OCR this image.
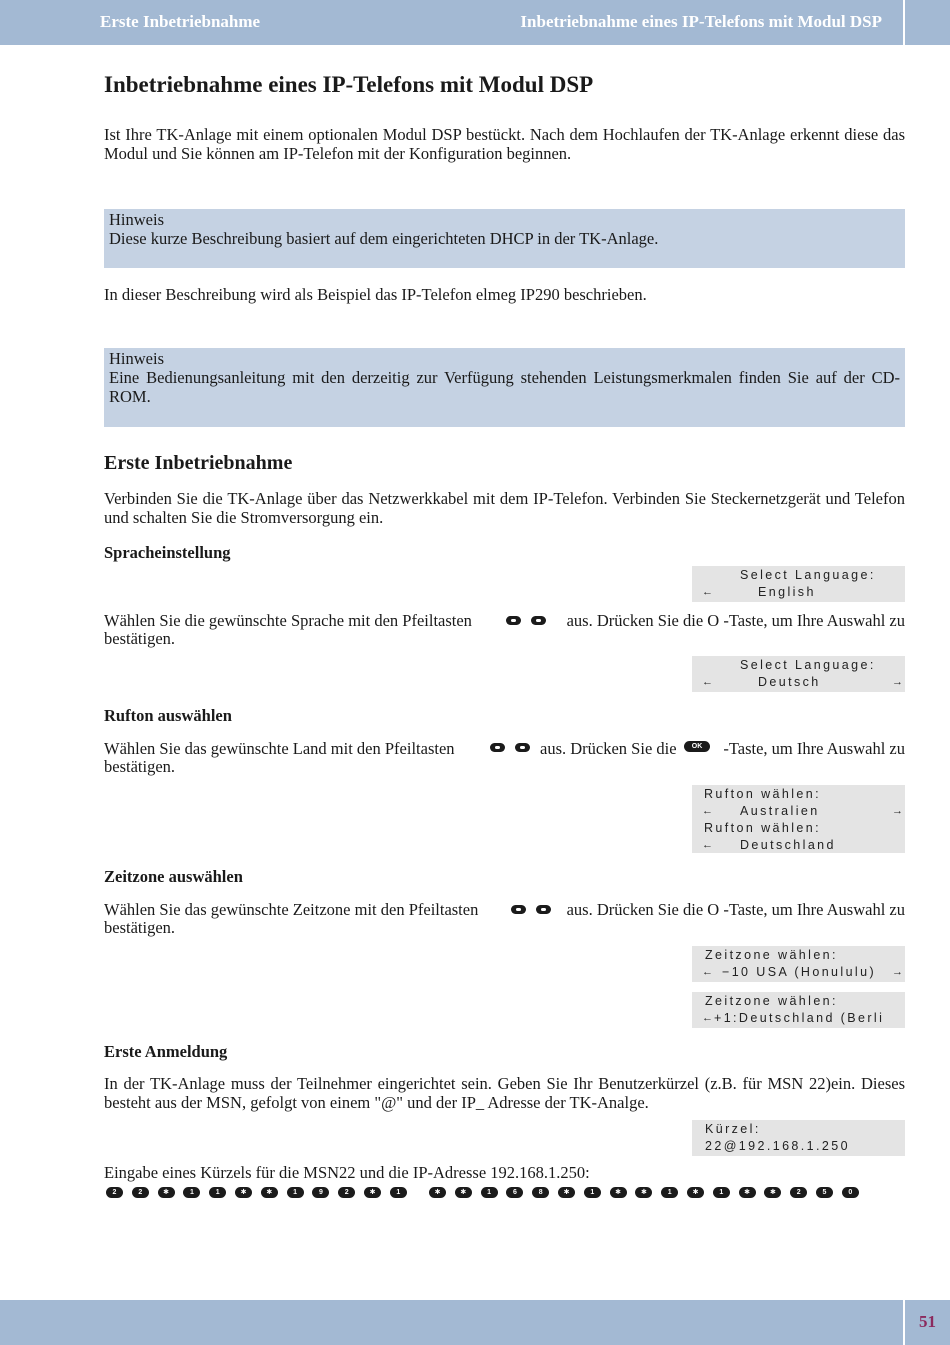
Erste Inbetriebnahme	Inbetriebnahme eines IP-Telefons mit Modul DSP
51
Inbetriebnahme eines IP-Telefons mit Modul DSP

Ist Ihre TK-Anlage mit einem optionalen Modul DSP bestückt. Nach dem Hochlaufen der TK-Anlage erkennt diese das Modul und Sie können am IP-Telefon mit der Konfiguration beginnen.

Hinweis
Diese kurze Beschreibung basiert auf dem eingerichteten DHCP in der TK-Anlage.

In dieser Beschreibung wird als Beispiel das IP-Telefon elmeg IP290 beschrieben.

Hinweis
Eine Bedienungsanleitung mit den derzeitig zur Verfügung stehenden Leistungsmerkmalen finden Sie auf der CD-ROM.
Erste Inbetriebnahme

Verbinden Sie die TK-Anlage über das Netzwerkkabel mit dem IP-Telefon. Verbinden Sie Steckernetzgerät und Telefon und schalten Sie die Stromversorgung ein.

Spracheinstellung
Select Language:
←	English
Wählen Sie die gewünschte Sprache mit den Pfeiltasten	aus. Drücken Sie die O -Taste, um Ihre Auswahl zu
bestätigen.
Select Language:
←	Deutsch	→
Rufton auswählen
Wählen Sie das gewünschte Land mit den Pfeiltasten	aus. Drücken Sie die	OK	-Taste, um Ihre Auswahl zu
bestätigen.
Rufton wählen:
← Australien	→
Rufton wählen:
← Deutschland
Zeitzone auswählen
Wählen Sie das gewünschte Zeitzone mit den Pfeiltasten	aus. Drücken Sie die O -Taste, um Ihre Auswahl zu
bestätigen.
Zeitzone wählen:
← −10 USA (Honululu) →
Zeitzone wählen:
← +1:Deutschland (Berli
Erste Anmeldung

In der TK-Anlage muss der Teilnehmer eingerichtet sein. Geben Sie Ihr Benutzerkürzel (z.B. für MSN 22)ein. Dieses besteht aus der MSN, gefolgt von einem "@" und der IP_ Adresse der TK-Analge.

Kürzel:
22@192.168.1.250
Eingabe eines Kürzels für die MSN22 und die IP-Adresse 192.168.1.250:
2 ABC
2 ABC
✱	1	1	✱	✱	1	9 WXYZ
2 ABC
✱	1	✱	✱	1	6 MNO
8 TUV
✱	1	✱	✱	1	✱	1	✱	✱	2 ABC
5 JKL
0
